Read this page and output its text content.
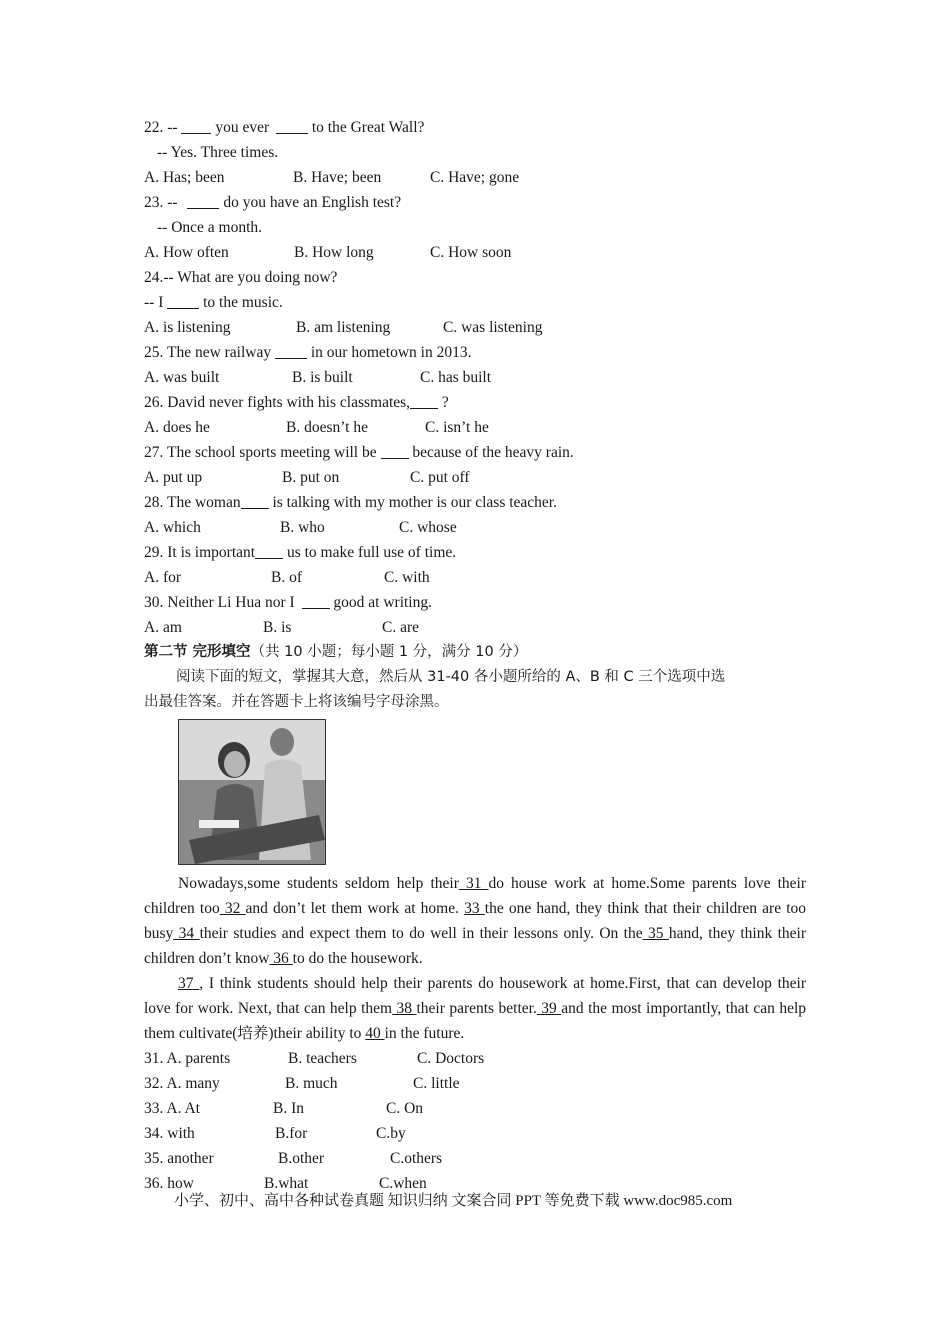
22. -- you ever	to the Great Wall?
-- Yes. Three times.
A. Has; been	B. Have; been	C. Have; gone
23. --	do you have an English test?
-- Once a month.
A. How often	B. How long	C. How soon
24.-- What are you doing now?
-- I	to the music.
A. is listening	B. am listening	C. was listening
25. The new railway	in our hometown in 2013.
A. was built	B. is built	C. has built
26. David never fights with his classmates, ?
A. does he	B. doesn’t he	C. isn’t he
27. The school sports meeting will be because of the heavy rain.
A. put up	B. put on	C. put off
28. The woman is talking with my mother is our class teacher.
A. which	B. who	C. whose
29. It is important us to make full use of time.
A. for	B. of	C. with
30. Neither Li Hua nor I	good at writing.
A. am	B. is	C. are
第二节 完形填空（共 10 小题；每小题 1 分，满分 10 分）
阅读下面的短文，掌握其大意，然后从 31-40 各小题所给的 A、B 和 C 三个选项中选
出最佳答案。并在答题卡上将该编号字母涂黑。
Nowadays,some students seldom help their 31 do house work at home.Some parents love their children too 32 and don’t let them work at home. 33 the one hand, they think that their children are too busy 34 their studies and expect them to do well in their lessons only. On the 35 hand, they think their children don’t know 36 to do the housework.
37 , I think students should help their parents do housework at home.First, that can develop their love for work. Next, that can help them 38 their parents better. 39 and the most importantly, that can help them cultivate(培养)their ability to 40 in the future.
31. A. parents	B. teachers	C. Doctors
32. A. many	B. much	C. little
33. A. At	B. In	C. On
34. with	B.for	C.by
35. another	B.other	C.others
36. how	B.what	C.when
小学、初中、高中各种试卷真题 知识归纳 文案合同 PPT 等免费下载 www.doc985.com
